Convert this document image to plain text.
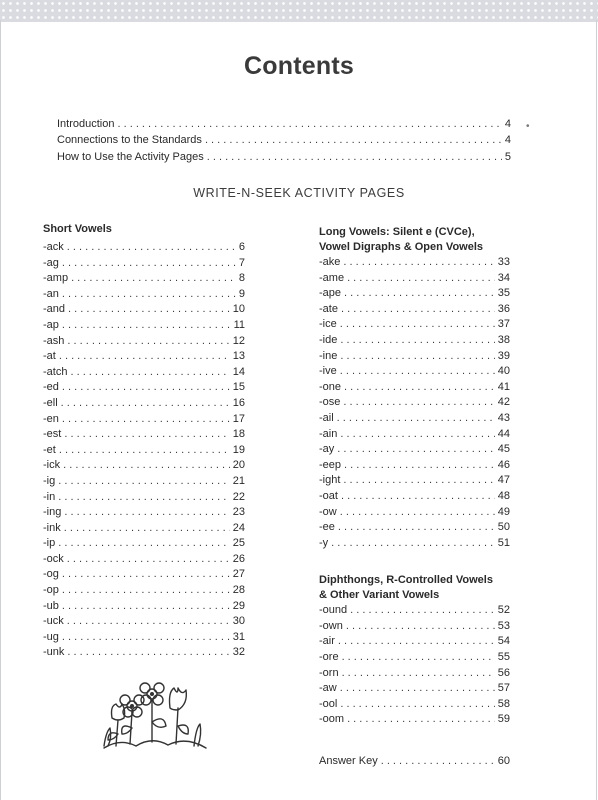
Contents
Introduction . . .	4
Connections to the Standards . . .	4
How to Use the Activity Pages . . .	5
•
WRITE-N-SEEK ACTIVITY PAGES
Short Vowels
-ack . . .	6
-ag . . .	7
-amp . . .	8
-an . . .	9
-and . . .	10
-ap . . .	11
-ash . . .	12
-at . . .	13
-atch . . .	14
-ed . . .	15
-ell . . .	16
-en . . .	17
-est . . .	18
-et . . .	19
-ick . . .	20
-ig . . .	21
-in . . .	22
-ing . . .	23
-ink . . .	24
-ip . . .	25
-ock . . .	26
-og . . .	27
-op . . .	28
-ub . . .	29
-uck . . .	30
-ug . . .	31
-unk . . .	32
Long Vowels: Silent e (CVCe),
Vowel Digraphs & Open Vowels
-ake . . .	33
-ame . . .	34
-ape . . .	35
-ate . . .	36
-ice . . .	37
-ide . . .	38
-ine . . .	39
-ive . . .	40
-one . . .	41
-ose . . .	42
-ail . . .	43
-ain . . .	44
-ay . . .	45
-eep . . .	46
-ight . . .	47
-oat . . .	48
-ow . . .	49
-ee . . .	50
-y . . .	51
Diphthongs, R-Controlled Vowels
& Other Variant Vowels
-ound . . .	52
-own . . .	53
-air . . .	54
-ore . . .	55
-orn . . .	56
-aw . . .	57
-ool . . .	58
-oom . . .	59
Answer Key . . .	60
